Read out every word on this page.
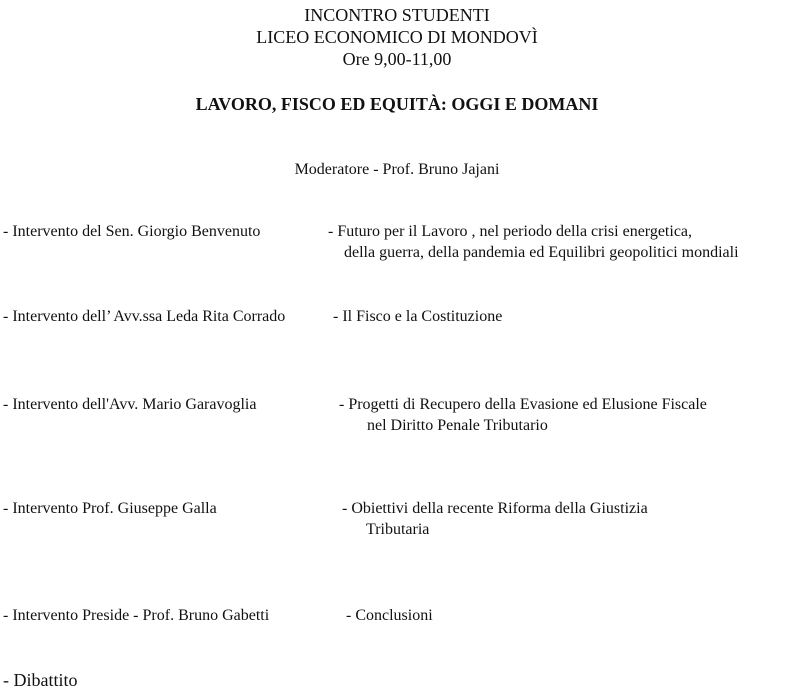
INCONTRO STUDENTI
LICEO ECONOMICO DI MONDOVÌ
Ore 9,00-11,00
LAVORO, FISCO ED EQUITÀ: OGGI E DOMANI
Moderatore - Prof. Bruno Jajani
- Intervento del Sen. Giorgio Benvenuto	- Futuro per il Lavoro , nel periodo della crisi energetica,
della guerra, della pandemia ed Equilibri geopolitici mondiali
- Intervento dell’ Avv.ssa Leda Rita Corrado	- Il Fisco e la Costituzione
- Intervento dell'Avv. Mario Garavoglia	- Progetti di Recupero della Evasione ed Elusione Fiscale
nel Diritto Penale Tributario
- Intervento Prof. Giuseppe Galla	- Obiettivi della recente Riforma della Giustizia
Tributaria
- Intervento Preside - Prof. Bruno Gabetti	- Conclusioni
- Dibattito
